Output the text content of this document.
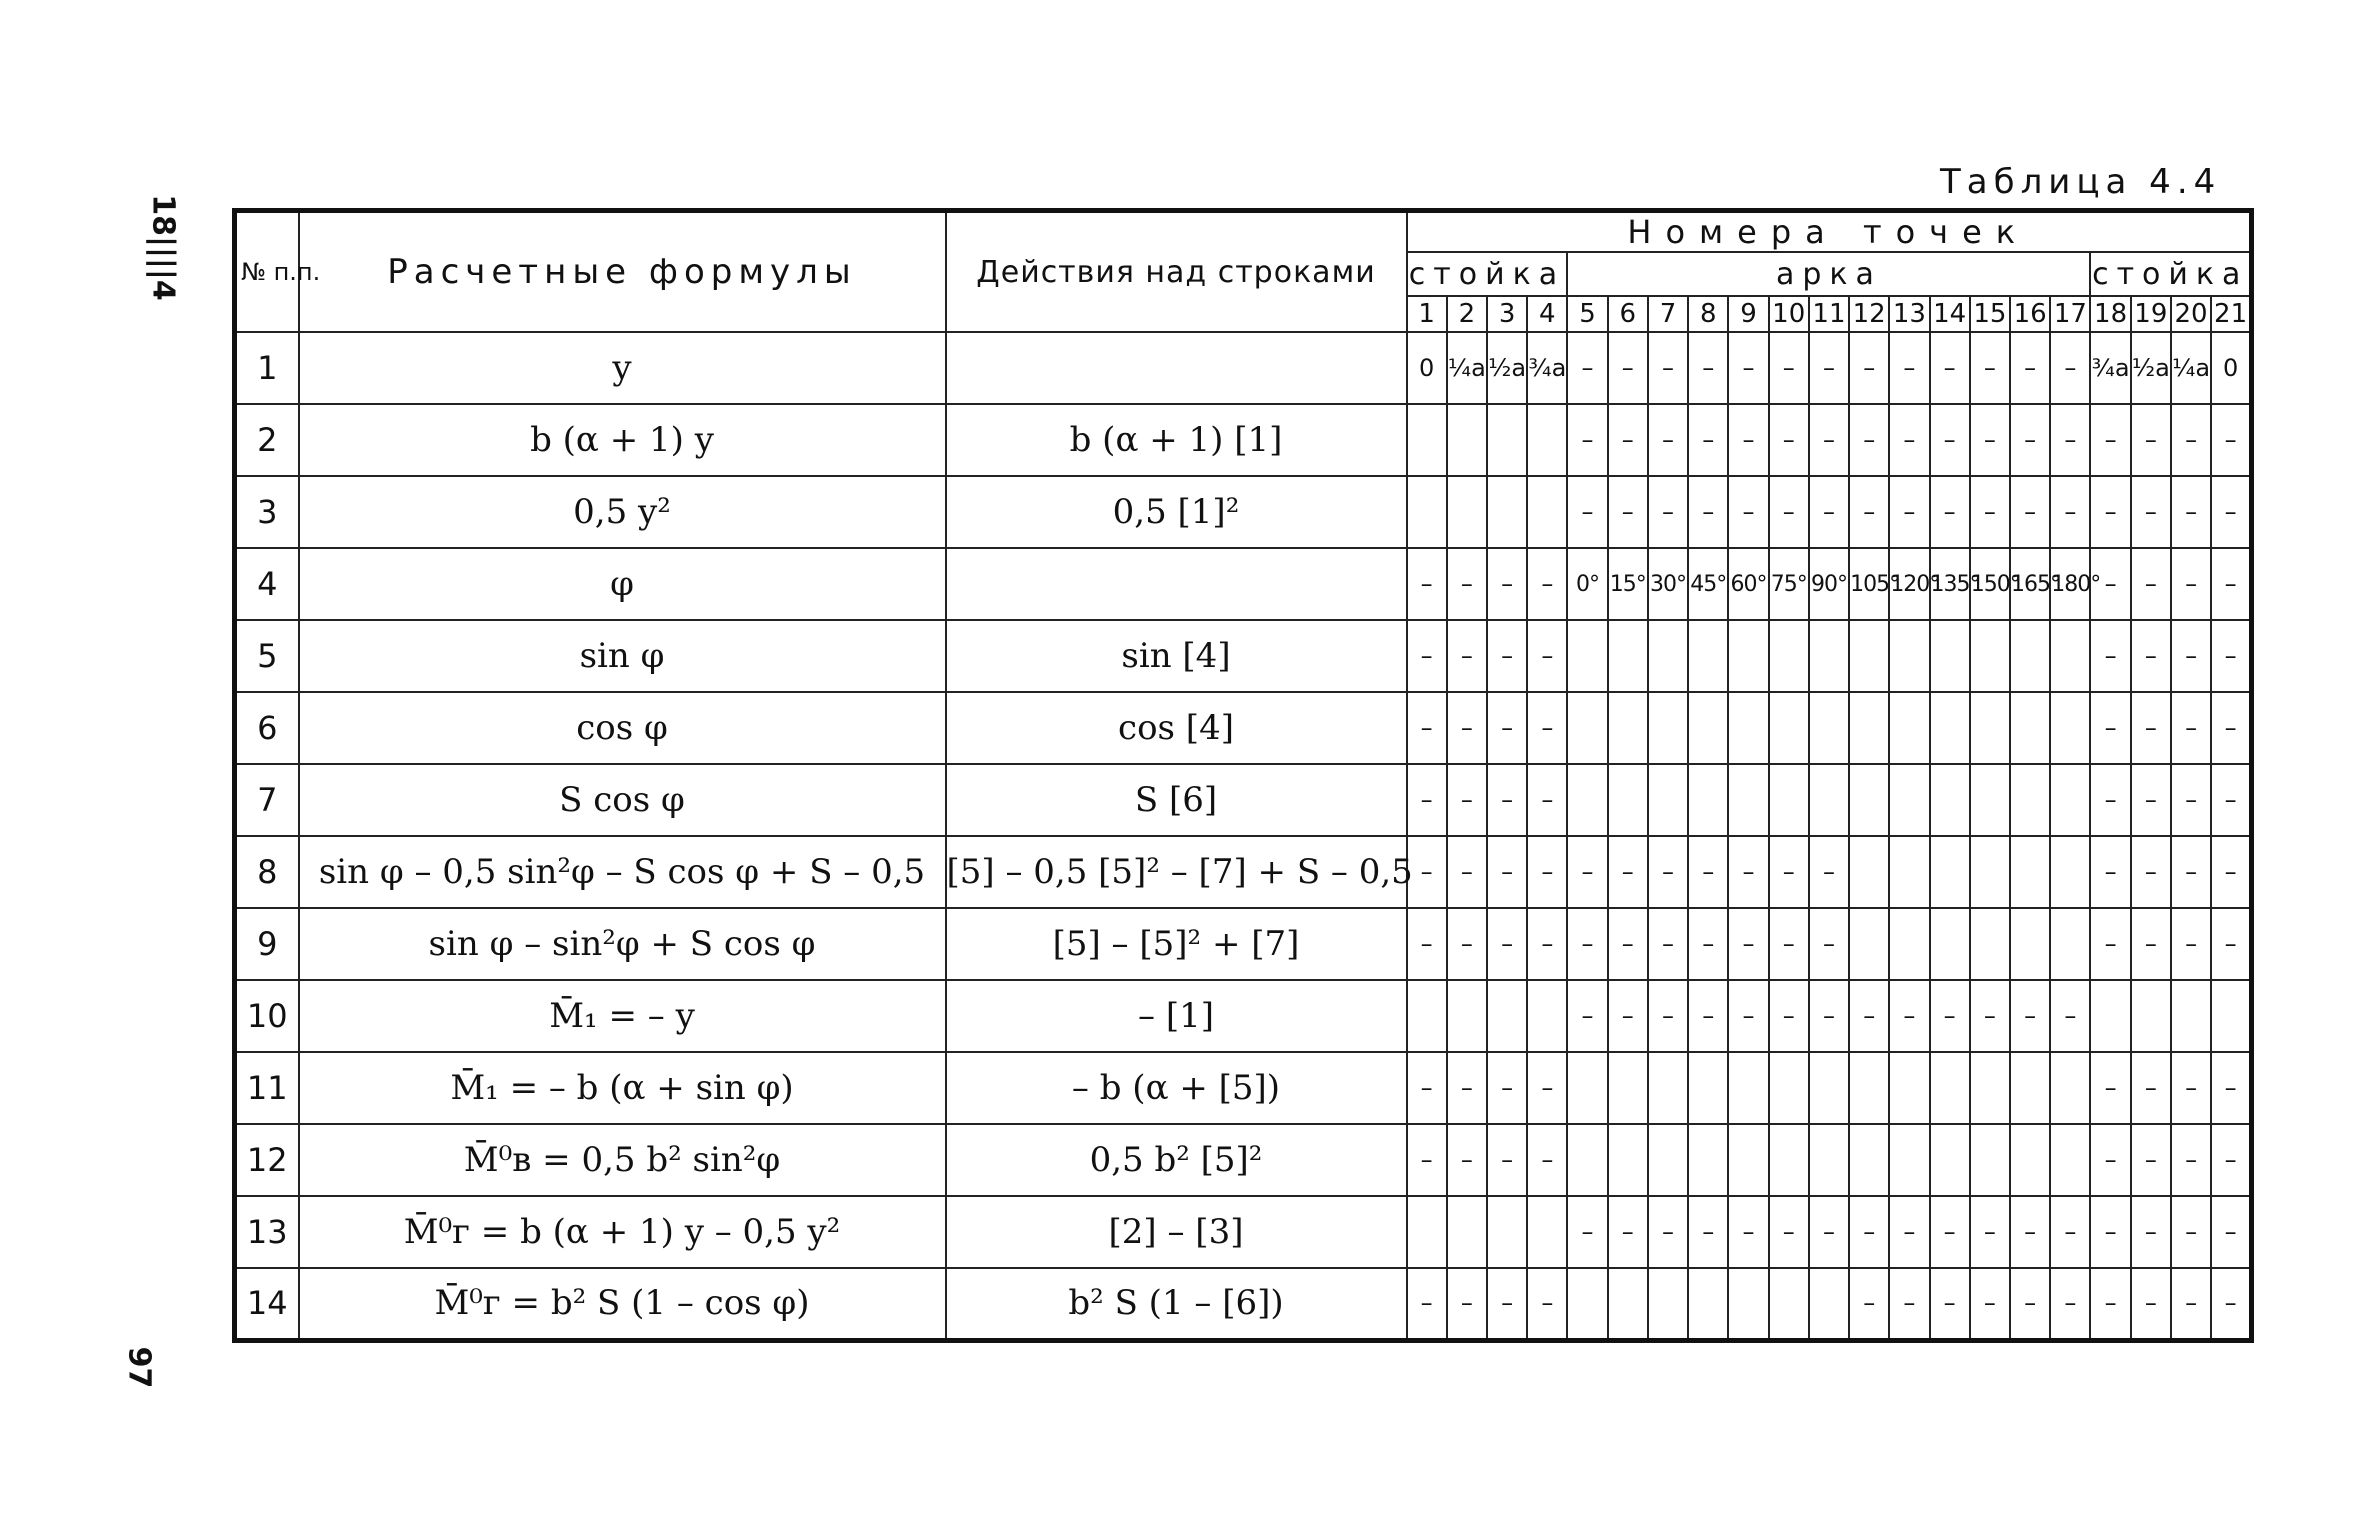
18||||4
97
Таблица 4.4
№ п.п.	Расчетные формулы	Действия над строками	Номера точек																				
			стойка				арка													стойка			
			1	2	3	4	5	6	7	8	9	10	11	12	13	14	15	16	17	18	19	20	21
1	y		0	¼a	½a	¾a	–	–	–	–	–	–	–	–	–	–	–	–	–	¾a	½a	¼a	0
2	b (α + 1) y	b (α + 1) [1]					–	–	–	–	–	–	–	–	–	–	–	–	–	–	–	–	–
3	0,5 y²	0,5 [1]²					–	–	–	–	–	–	–	–	–	–	–	–	–	–	–	–	–
4	φ		–	–	–	–	0°	15°	30°	45°	60°	75°	90°	105°	120°	135°	150°	165°	180°	–	–	–	–
5	sin φ	sin [4]	–	–	–	–														–	–	–	–
6	cos φ	cos [4]	–	–	–	–														–	–	–	–
7	S cos φ	S [6]	–	–	–	–														–	–	–	–
8	sin φ – 0,5 sin²φ – S cos φ + S – 0,5	[5] – 0,5 [5]² – [7] + S – 0,5	–	–	–	–	–	–	–	–	–	–	–							–	–	–	–
9	sin φ – sin²φ + S cos φ	[5] – [5]² + [7]	–	–	–	–	–	–	–	–	–	–	–							–	–	–	–
10	M̄₁ = – y	– [1]					–	–	–	–	–	–	–	–	–	–	–	–	–				
11	M̄₁ = – b (α + sin φ)	– b (α + [5])	–	–	–	–														–	–	–	–
12	M̄⁰в = 0,5 b² sin²φ	0,5 b² [5]²	–	–	–	–														–	–	–	–
13	M̄⁰г = b (α + 1) y – 0,5 y²	[2] – [3]					–	–	–	–	–	–	–	–	–	–	–	–	–	–	–	–	–
14	M̄⁰г = b² S (1 – cos φ)	b² S (1 – [6])	–	–	–	–								–	–	–	–	–	–	–	–	–	–
